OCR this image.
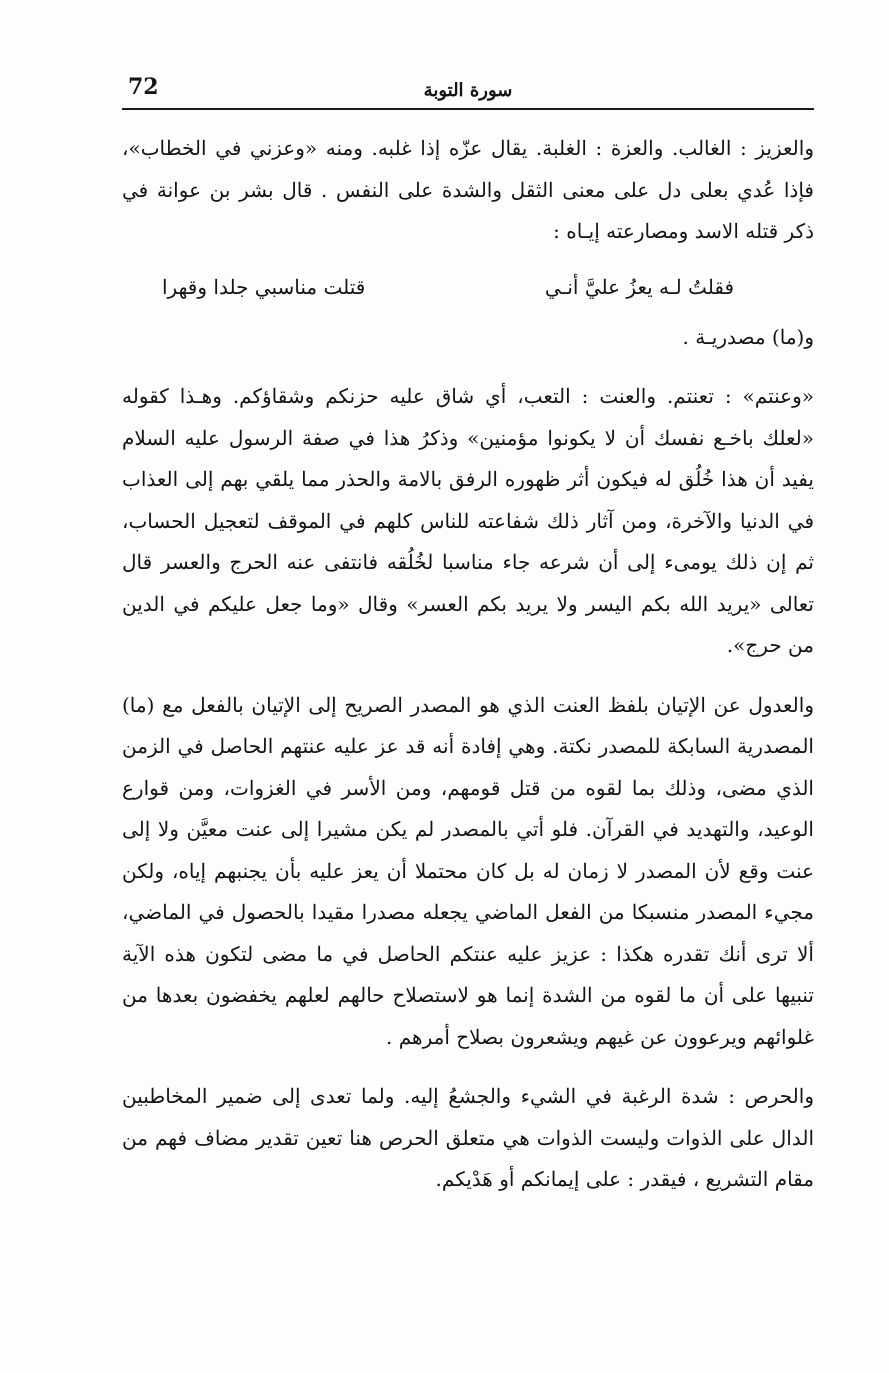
72	سورة التوبة

والعزيز : الغالب. والعزة : الغلبة. يقال عزّه إذا غلبه. ومنه «وعزني في الخطاب»، فإذا عُدي بعلى دل على معنى الثقل والشدة على النفس . قال بشر بن عوانة في ذكر قتله الاسد ومصارعته إيـاه :

فقلتُ لـه يعزُ عليَّ أنـي
قتلت مناسبي جلدا وقهرا

و(ما) مصدريـة .

«وعنتم» : تعنتم. والعنت : التعب، أي شاق عليه حزنكم وشقاؤكم. وهـذا كقوله «لعلك باخـع نفسك أن لا يكونوا مؤمنين» وذكرُ هذا في صفة الرسول عليه السلام يفيد أن هذا خُلُق له فيكون أثر ظهوره الرفق بالامة والحذر مما يلقي بهم إلى العذاب في الدنيا والآخرة، ومن آثار ذلك شفاعته للناس كلهم في الموقف لتعجيل الحساب، ثم إن ذلك يومىء إلى أن شرعه جاء مناسبا لخُلُقه فانتفى عنه الحرج والعسر قال تعالى «يريد الله بكم اليسر ولا يريد بكم العسر» وقال «وما جعل عليكم في الدين من حرج».

والعدول عن الإتيان بلفظ العنت الذي هو المصدر الصريح إلى الإتيان بالفعل مع (ما) المصدرية السابكة للمصدر نكتة. وهي إفادة أنه قد عز عليه عنتهم الحاصل في الزمن الذي مضى، وذلك بما لقوه من قتل قومهم، ومن الأسر في الغزوات، ومن قوارع الوعيد، والتهديد في القرآن. فلو أتي بالمصدر لم يكن مشيرا إلى عنت معيَّن ولا إلى عنت وقع لأن المصدر لا زمان له بل كان محتملا أن يعز عليه بأن يجنبهم إياه، ولكن مجيء المصدر منسبكا من الفعل الماضي يجعله مصدرا مقيدا بالحصول في الماضي، ألا ترى أنك تقدره هكذا : عزيز عليه عنتكم الحاصل في ما مضى لتكون هذه الآية تنبيها على أن ما لقوه من الشدة إنما هو لاستصلاح حالهم لعلهم يخفضون بعدها من غلوائهم ويرعوون عن غيهم ويشعرون بصلاح أمرهم .

والحرص : شدة الرغبة في الشيء والجشعُ إليه. ولما تعدى إلى ضمير المخاطبين الدال على الذوات وليست الذوات هي متعلق الحرص هنا تعين تقدير مضاف فهم من مقام التشريع ، فيقدر : على إيمانكم أو هَدْيكم.
